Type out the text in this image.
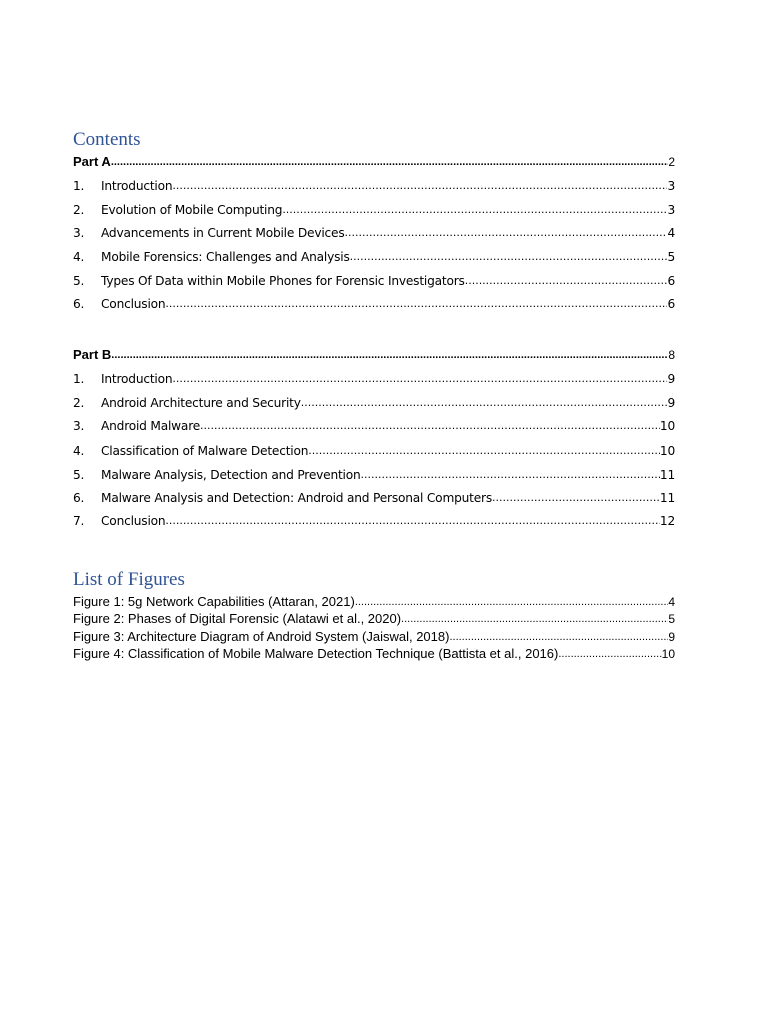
Contents
Part A .....	2
1.	Introduction .....	3
2.	Evolution of Mobile Computing .....	3
3.	Advancements in Current Mobile Devices .....	4
4.	Mobile Forensics: Challenges and Analysis .....	5
5.	Types Of Data within Mobile Phones for Forensic Investigators .....	6
6.	Conclusion .....	6
Part B .....	8
1.	Introduction .....	9
2.	Android Architecture and Security .....	9
3.	Android Malware .....	10
4.	Classification of Malware Detection .....	10
5.	Malware Analysis, Detection and Prevention .....	11
6.	Malware Analysis and Detection: Android and Personal Computers .....	11
7.	Conclusion .....	12
List of Figures
Figure 1: 5g Network Capabilities (Attaran, 2021) .....	4
Figure 2: Phases of Digital Forensic (Alatawi et al., 2020) .....	5
Figure 3: Architecture Diagram of Android System (Jaiswal, 2018) .....	9
Figure 4: Classification of Mobile Malware Detection Technique (Battista et al., 2016) .....	10
